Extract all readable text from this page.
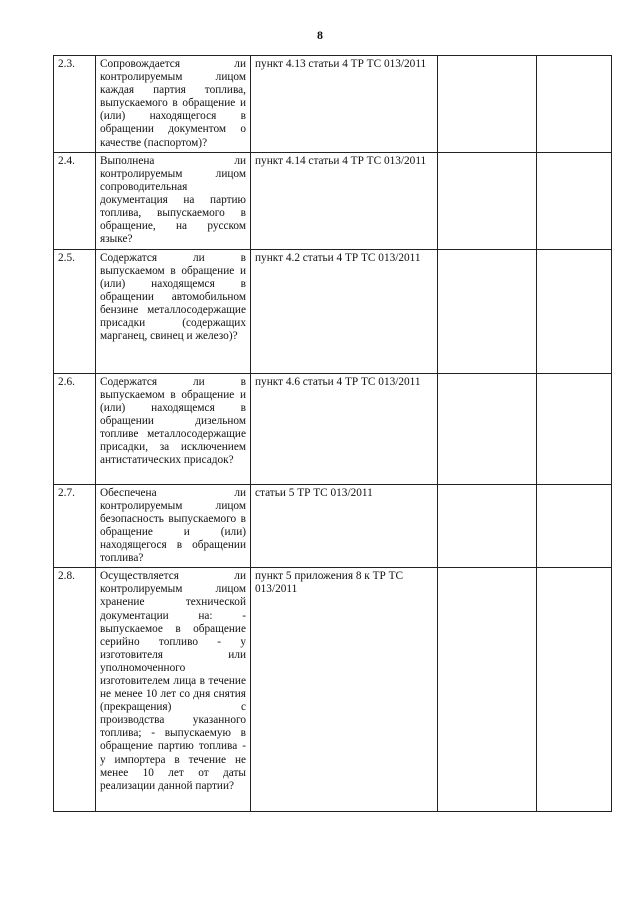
8
2.3.	Сопровождается ли контролируемым лицом каждая партия топлива, выпускаемого в обращение и (или) находящегося в обращении документом о качестве (паспортом)?	пункт 4.13 статьи 4 ТР ТС 013/2011		
2.4.	Выполнена ли контролируемым лицом сопроводительная документация на партию топлива, выпускаемого в обращение, на русском языке?	пункт 4.14 статьи 4 ТР ТС 013/2011		
2.5.	Содержатся ли в выпускаемом в обращение и (или) находящемся в обращении автомобильном бензине металлосодержащие присадки (содержащих марганец, свинец и железо)?	пункт 4.2 статьи 4 ТР ТС 013/2011		
2.6.	Содержатся ли в выпускаемом в обращение и (или) находящемся в обращении дизельном топливе металлосодержащие присадки, за исключением антистатических присадок?	пункт 4.6 статьи 4 ТР ТС 013/2011		
2.7.	Обеспечена ли контролируемым лицом безопасность выпускаемого в обращение и (или) находящегося в обращении топлива?	статьи 5 ТР ТС 013/2011		
2.8.	Осуществляется ли контролируемым лицом хранение технической документации на: - выпускаемое в обращение серийно топливо - у изготовителя или уполномоченного изготовителем лица в течение не менее 10 лет со дня снятия (прекращения) с производства указанного топлива; - выпускаемую в обращение партию топлива - у импортера в течение не менее 10 лет от даты реализации данной партии?	пункт 5 приложения 8 к ТР ТС 013/2011		
